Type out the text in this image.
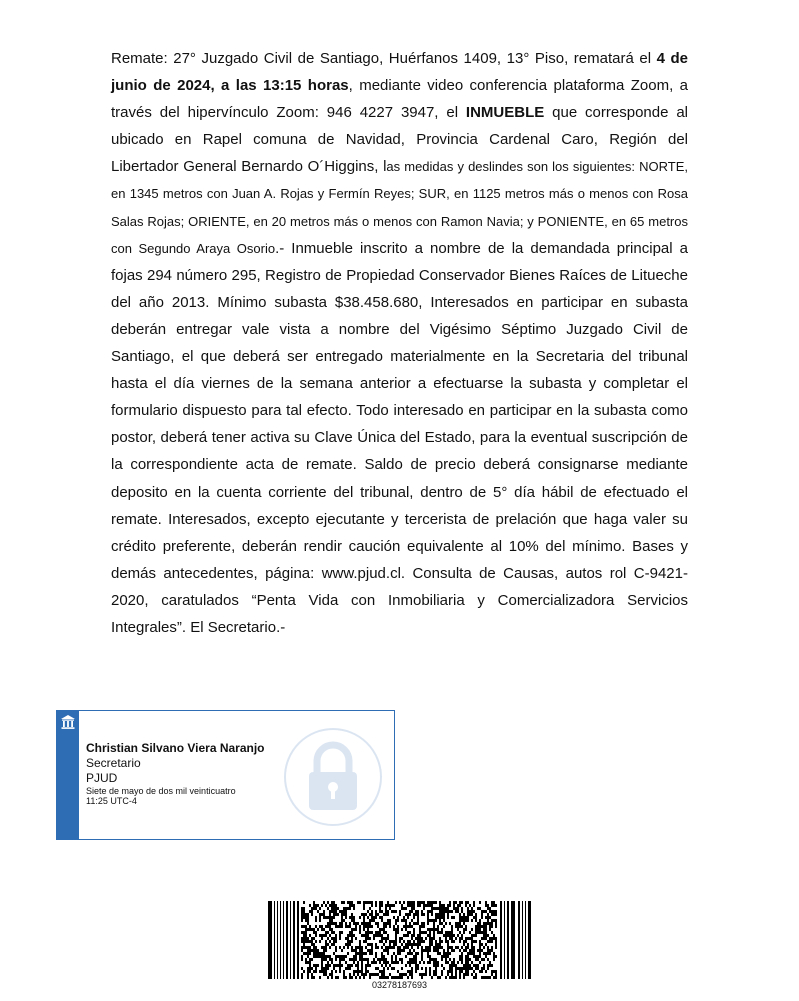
Remate: 27° Juzgado Civil de Santiago, Huérfanos 1409, 13° Piso, rematará el 4 de junio de 2024, a las 13:15 horas, mediante video conferencia plataforma Zoom, a través del hipervínculo Zoom: 946 4227 3947, el INMUEBLE que corresponde al ubicado en Rapel comuna de Navidad, Provincia Cardenal Caro, Región del Libertador General Bernardo O´Higgins, las medidas y deslindes son los siguientes: NORTE, en 1345 metros con Juan A. Rojas y Fermín Reyes; SUR, en 1125 metros más o menos con Rosa Salas Rojas; ORIENTE, en 20 metros más o menos con Ramon Navia; y PONIENTE, en 65 metros con Segundo Araya Osorio.- Inmueble inscrito a nombre de la demandada principal a fojas 294 número 295, Registro de Propiedad Conservador Bienes Raíces de Litueche del año 2013. Mínimo subasta $38.458.680, Interesados en participar en subasta deberán entregar vale vista a nombre del Vigésimo Séptimo Juzgado Civil de Santiago, el que deberá ser entregado materialmente en la Secretaria del tribunal hasta el día viernes de la semana anterior a efectuarse la subasta y completar el formulario dispuesto para tal efecto. Todo interesado en participar en la subasta como postor, deberá tener activa su Clave Única del Estado, para la eventual suscripción de la correspondiente acta de remate. Saldo de precio deberá consignarse mediante deposito en la cuenta corriente del tribunal, dentro de 5° día hábil de efectuado el remate. Interesados, excepto ejecutante y tercerista de prelación que haga valer su crédito preferente, deberán rendir caución equivalente al 10% del mínimo. Bases y demás antecedentes, página: www.pjud.cl. Consulta de Causas, autos rol C-9421-2020, caratulados “Penta Vida con Inmobiliaria y Comercializadora Servicios Integrales”. El Secretario.-

Christian Silvano Viera Naranjo
Secretario
PJUD
Siete de mayo de dos mil veinticuatro
11:25 UTC-4
03278187693
